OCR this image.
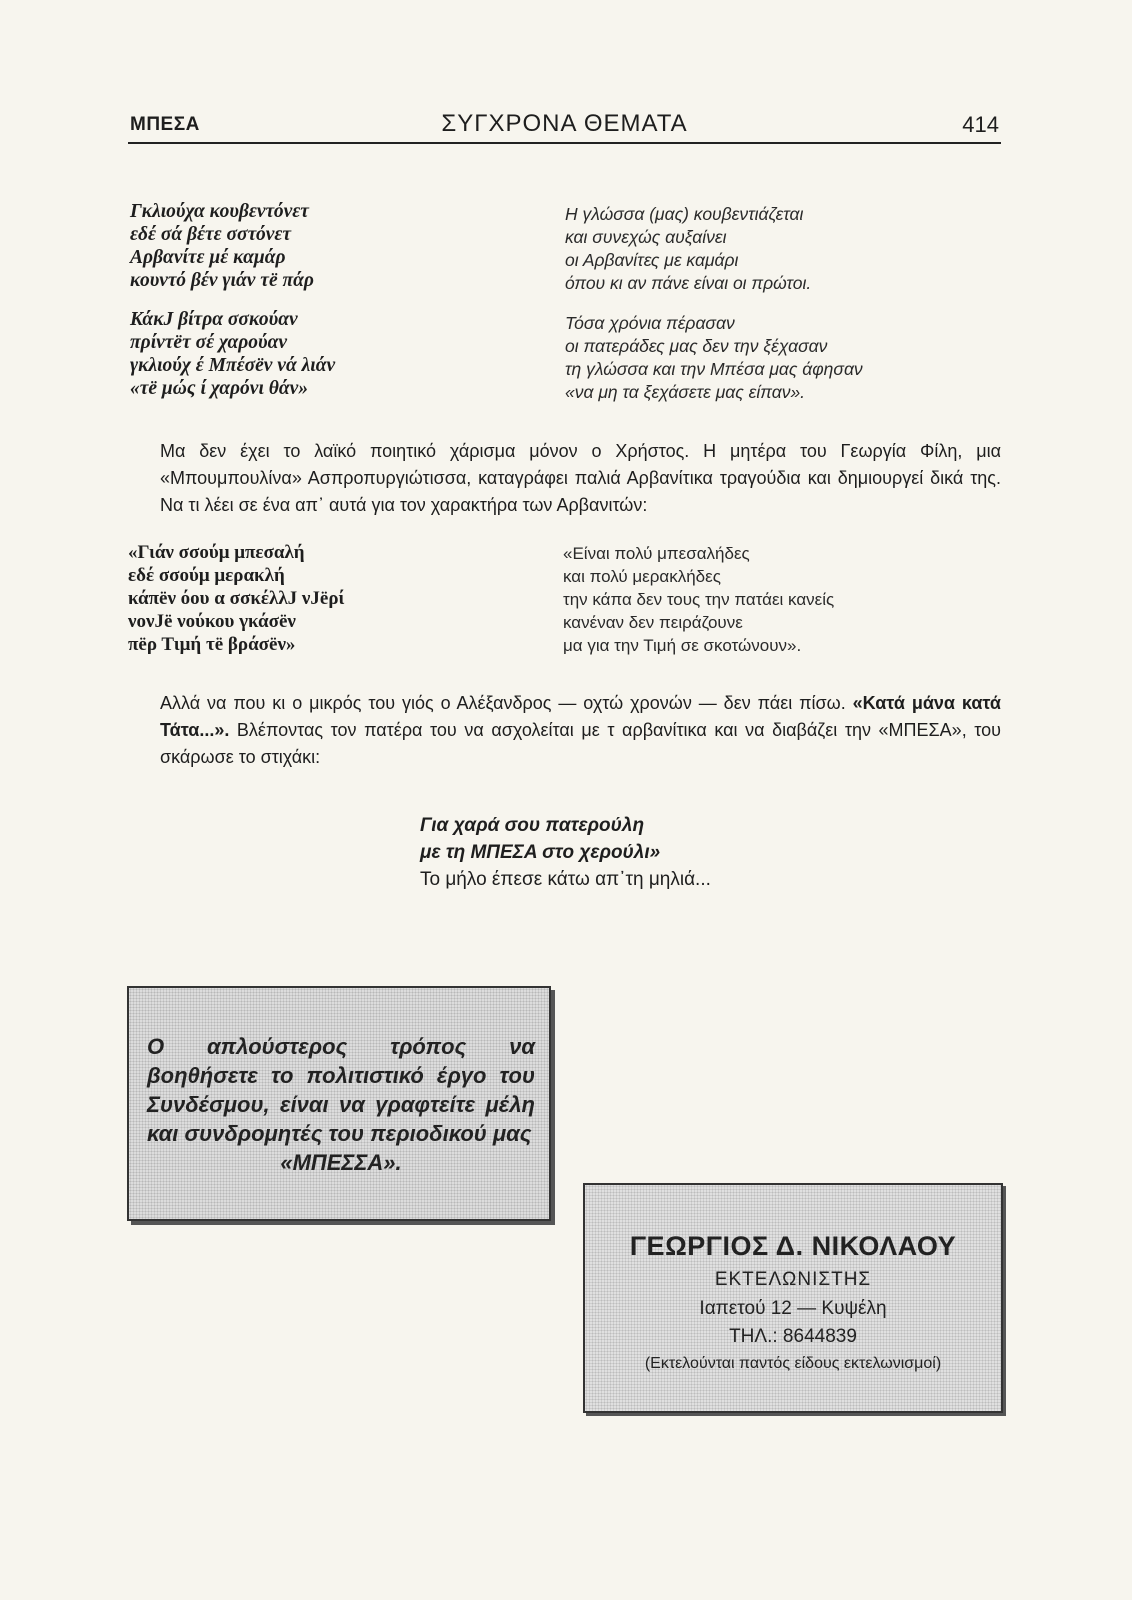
ΜΠΕΣΑ	ΣΥΓΧΡΟΝΑ ΘΕΜΑΤΑ	414
Γκλιούχα κουβεντόνετ
εδέ σά βέτε σστόνετ
Αρβανίτε μέ καμάρ
κουντό βέν γιάν τë πάρ
Η γλώσσα (μας) κουβεντιάζεται
και συνεχώς αυξαίνει
οι Αρβανίτες με καμάρι
όπου κι αν πάνε είναι οι πρώτοι.
ΚάκJ βίτρα σσκούαν
πρίντëτ σέ χαρούαν
γκλιούχ έ Μπέσëν νά λιάν
«τë μώς ί χαρόνι θάν»
Τόσα χρόνια πέρασαν
οι πατεράδες μας δεν την ξέχασαν
τη γλώσσα και την Μπέσα μας άφησαν
«να μη τα ξεχάσετε μας είπαν».
Μα δεν έχει το λαϊκό ποιητικό χάρισμα μόνον ο Χρήστος. Η μητέρα του Γεωργία Φίλη, μια «Μπουμπουλίνα» Ασπροπυργιώτισσα, καταγράφει παλιά Αρβανίτικα τραγούδια και δημιουργεί δικά της. Να τι λέει σε ένα απ᾿ αυτά για τον χαρακτήρα των Αρβανιτών:
«Γιάν σσούμ μπεσαλή
εδέ σσούμ μερακλή
κάπëν όου α σσκέλλJ νJëρί
νονJë νούκου γκάσëν
πëρ Τιμή τë βράσëν»
«Είναι πολύ μπεσαλήδες
και πολύ μερακλήδες
την κάπα δεν τους την πατάει κανείς
κανέναν δεν πειράζουνε
μα για την Τιμή σε σκοτώνουν».
Αλλά να που κι ο μικρός του γιός ο Αλέξανδρος — οχτώ χρονών — δεν πάει πίσω. «Κατά μάνα κατά Τάτα...». Βλέποντας τον πατέρα του να ασχολείται με τ αρβανίτικα και να διαβάζει την «ΜΠΕΣΑ», του σκάρωσε το στιχάκι:
Για χαρά σου πατερούλη
με τη ΜΠΕΣΑ στο χερούλι»
Το μήλο έπεσε κάτω απ᾿τη μηλιά...
Ο απλούστερος τρόπος να βοηθήσετε το πολιτιστικό έργο του Συνδέσμου, είναι να γραφτείτε μέλη και συνδρομητές του περιοδικού μας
«ΜΠΕΣΣΑ».
ΓΕΩΡΓΙΟΣ Δ. ΝΙΚΟΛΑΟΥ
ΕΚΤΕΛΩΝΙΣΤΗΣ
Ιαπετού 12 — Κυψέλη
ΤΗΛ.: 8644839
(Εκτελούνται παντός είδους εκτελωνισμοί)
